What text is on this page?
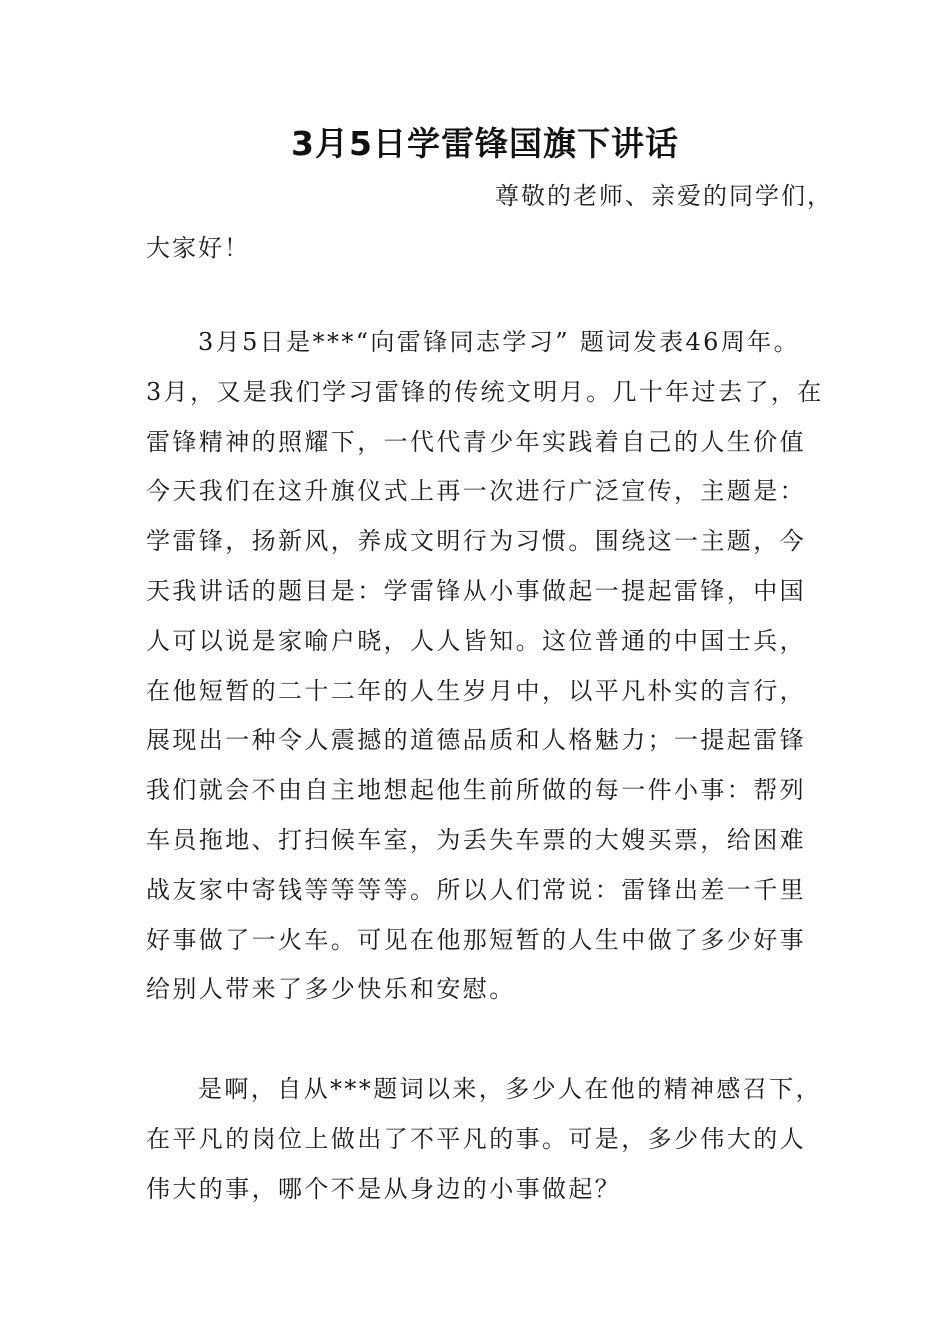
3月5日学雷锋国旗下讲话
尊敬的老师、亲爱的同学们，
大家好！
3月5日是***“向雷锋同志学习” 题词发表46周年。
3月，又是我们学习雷锋的传统文明月。几十年过去了，在
雷锋精神的照耀下，一代代青少年实践着自己的人生价值
今天我们在这升旗仪式上再一次进行广泛宣传，主题是：
学雷锋，扬新风，养成文明行为习惯。围绕这一主题，今
天我讲话的题目是：学雷锋从小事做起一提起雷锋，中国
人可以说是家喻户晓，人人皆知。这位普通的中国士兵，
在他短暂的二十二年的人生岁月中，以平凡朴实的言行，
展现出一种令人震撼的道德品质和人格魅力；一提起雷锋
我们就会不由自主地想起他生前所做的每一件小事：帮列
车员拖地、打扫候车室，为丢失车票的大嫂买票，给困难
战友家中寄钱等等等等。所以人们常说：雷锋出差一千里
好事做了一火车。可见在他那短暂的人生中做了多少好事
给别人带来了多少快乐和安慰。
是啊，自从***题词以来，多少人在他的精神感召下，
在平凡的岗位上做出了不平凡的事。可是，多少伟大的人
伟大的事，哪个不是从身边的小事做起？
